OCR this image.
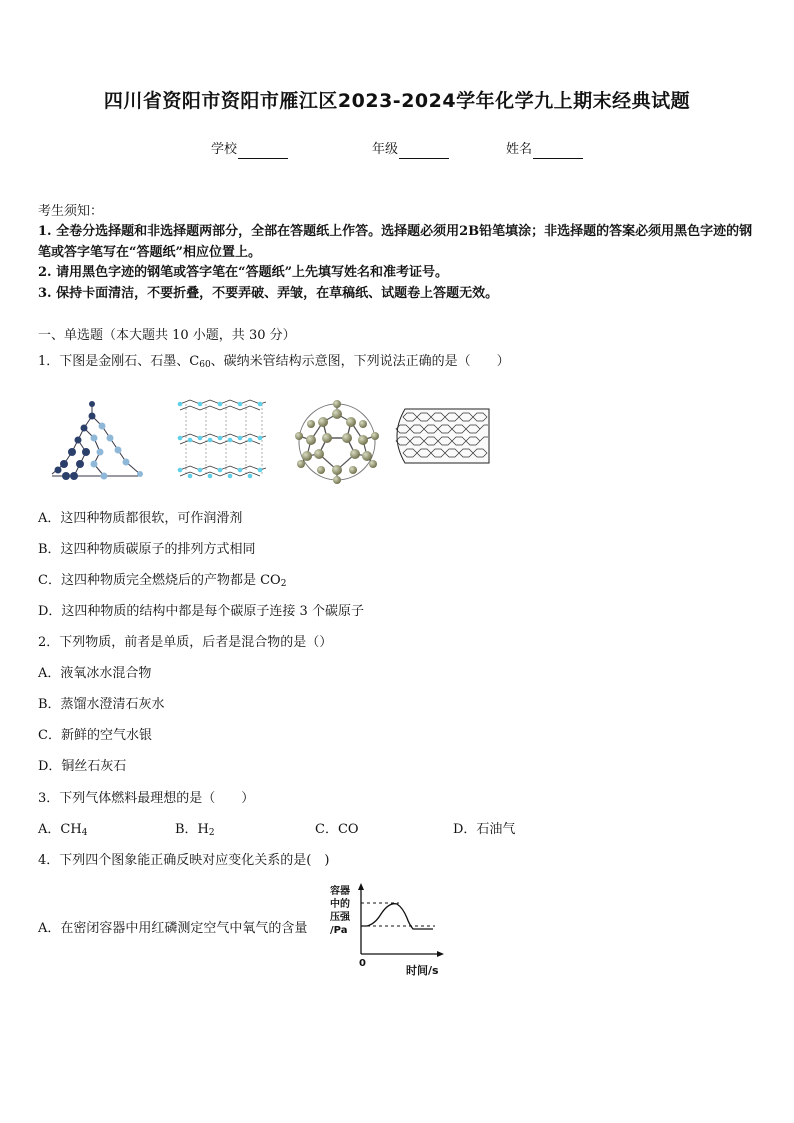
四川省资阳市资阳市雁江区2023-2024学年化学九上期末经典试题
学校	年级	姓名
考生须知：
1. 全卷分选择题和非选择题两部分，全部在答题纸上作答。选择题必须用2B铅笔填涂；非选择题的答案必须用黑色字迹的钢笔或答字笔写在“答题纸”相应位置上。
2. 请用黑色字迹的钢笔或答字笔在“答题纸”上先填写姓名和准考证号。
3. 保持卡面清洁，不要折叠，不要弄破、弄皱，在草稿纸、试题卷上答题无效。
一、单选题（本大题共 10 小题，共 30 分）
1．下图是金刚石、石墨、$C_{60}$、碳纳米管结构示意图，下列说法正确的是（　　）
A．这四种物质都很软，可作润滑剂
B．这四种物质碳原子的排列方式相同
C．这四种物质完全燃烧后的产物都是 $CO_2$
D．这四种物质的结构中都是每个碳原子连接 3 个碳原子
2．下列物质，前者是单质，后者是混合物的是（）
A．液氧冰水混合物
B．蒸馏水澄清石灰水
C．新鲜的空气水银
D．铜丝石灰石
3．下列气体燃料最理想的是（　　）
A．$CH_4$	B．$H_2$	C．CO	D．石油气
4．下列四个图象能正确反映对应变化关系的是(　)
A．在密闭容器中用红磷测定空气中氧气的含量
容器
中的
压强
/Pa
0
时间/s
